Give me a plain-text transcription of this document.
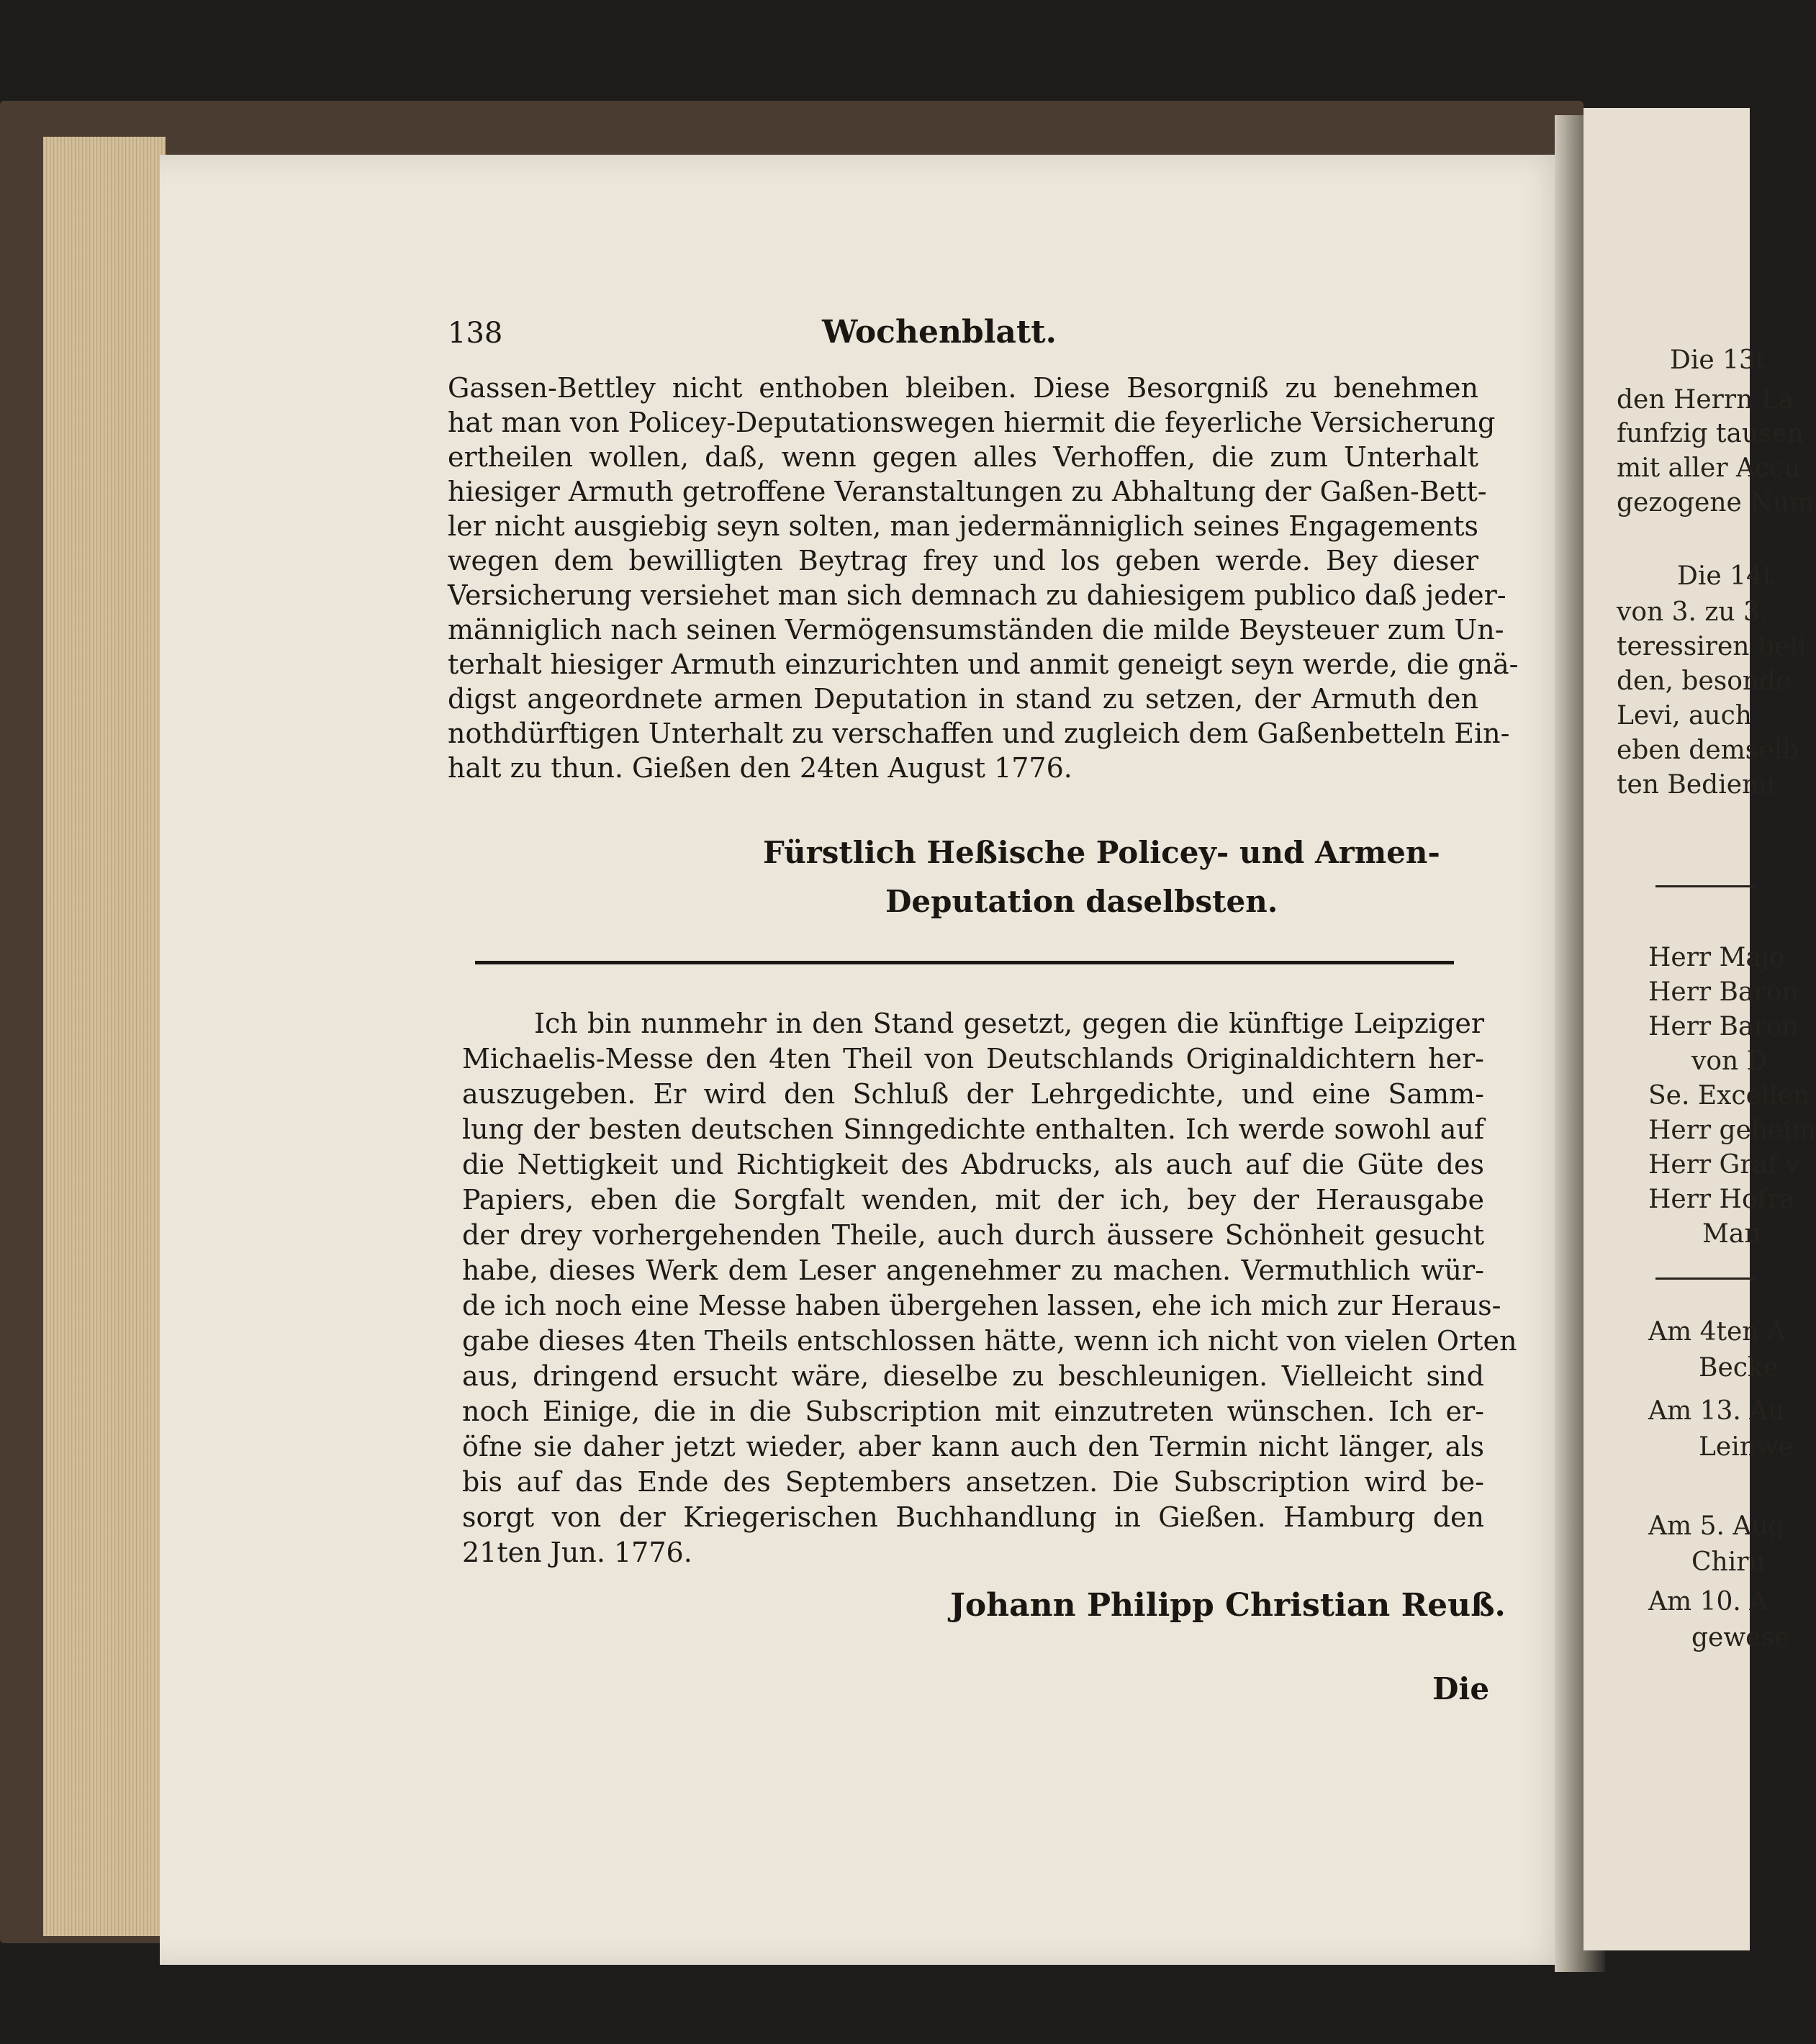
138	Wochenblatt.
Gassen-Bettley nicht enthoben bleiben. Diese Besorgniß zu benehmen
hat man von Policey-Deputationswegen hiermit die feyerliche Versicherung
ertheilen wollen, daß, wenn gegen alles Verhoffen, die zum Unterhalt
hiesiger Armuth getroffene Veranstaltungen zu Abhaltung der Gaßen-Bett-
ler nicht ausgiebig seyn solten, man jedermänniglich seines Engagements
wegen dem bewilligten Beytrag frey und los geben werde. Bey dieser
Versicherung versiehet man sich demnach zu dahiesigem publico daß jeder-
männiglich nach seinen Vermögensumständen die milde Beysteuer zum Un-
terhalt hiesiger Armuth einzurichten und anmit geneigt seyn werde, die gnä-
digst angeordnete armen Deputation in stand zu setzen, der Armuth den
nothdürftigen Unterhalt zu verschaffen und zugleich dem Gaßenbetteln Ein-
halt zu thun. Gießen den 24ten August 1776.
Fürstlich Heßische Policey- und Armen-
Deputation daselbsten.
Ich bin nunmehr in den Stand gesetzt, gegen die künftige Leipziger
Michaelis-Messe den 4ten Theil von Deutschlands Originaldichtern her-
auszugeben. Er wird den Schluß der Lehrgedichte, und eine Samm-
lung der besten deutschen Sinngedichte enthalten. Ich werde sowohl auf
die Nettigkeit und Richtigkeit des Abdrucks, als auch auf die Güte des
Papiers, eben die Sorgfalt wenden, mit der ich, bey der Herausgabe
der drey vorhergehenden Theile, auch durch äussere Schönheit gesucht
habe, dieses Werk dem Leser angenehmer zu machen. Vermuthlich wür-
de ich noch eine Messe haben übergehen lassen, ehe ich mich zur Heraus-
gabe dieses 4ten Theils entschlossen hätte, wenn ich nicht von vielen Orten
aus, dringend ersucht wäre, dieselbe zu beschleunigen. Vielleicht sind
noch Einige, die in die Subscription mit einzutreten wünschen. Ich er-
öfne sie daher jetzt wieder, aber kann auch den Termin nicht länger, als
bis auf das Ende des Septembers ansetzen. Die Subscription wird be-
sorgt von der Kriegerischen Buchhandlung in Gießen. Hamburg den
21ten Jun. 1776.
Johann Philipp Christian Reuß.
Die
Die 13t
den Herrn La
funfzig tausen
mit aller Accu
gezogene Num
Die 14t
von 3. zu 3.
teressiren beli
den, besonde
Levi, auch
eben demselb
ten Bedienu
Herr Majo
Herr Baron
Herr Baron
von D
Se. Excellen
Herr geheim
Herr Graf v
Herr Hofra
Man
Am 4ten A
Becke
Am 13. Au
Leinwe
Am 5. Aug
Chiru
Am 10. A
gewese
